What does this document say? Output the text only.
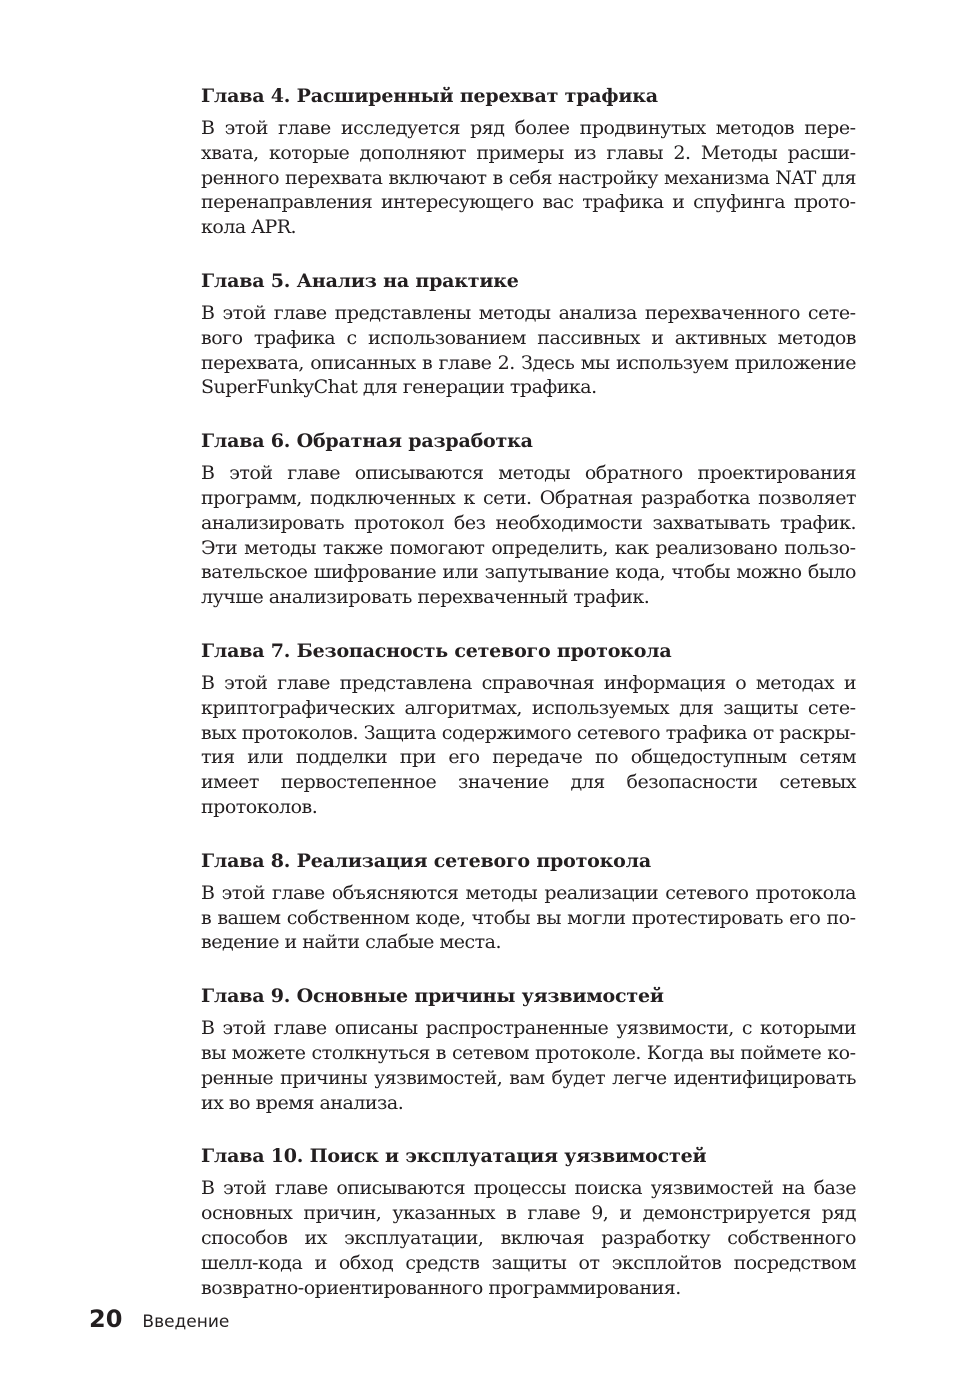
Глава 4. Расширенный перехват трафика

В этой главе исследуется ряд более продвинутых методов перехвата, которые дополняют примеры из главы 2. Методы расширенного перехвата включают в себя настройку механизма NAT для перенаправления интересующего вас трафика и спуфинга протокола APR.

Глава 5. Анализ на практике

В этой главе представлены методы анализа перехваченного сетевого трафика с использованием пассивных и активных методов перехвата, описанных в главе 2. Здесь мы используем приложение SuperFunkyChat для генерации трафика.

Глава 6. Обратная разработка

В этой главе описываются методы обратного проектирования программ, подключенных к сети. Обратная разработка позволяет анализировать протокол без необходимости захватывать трафик. Эти методы также помогают определить, как реализовано пользовательское шифрование или запутывание кода, чтобы можно было лучше анализировать перехваченный трафик.

Глава 7. Безопасность сетевого протокола

В этой главе представлена справочная информация о методах и криптографических алгоритмах, используемых для защиты сетевых протоколов. Защита содержимого сетевого трафика от раскрытия или подделки при его передаче по общедоступным сетям имеет первостепенное значение для безопасности сетевых протоколов.

Глава 8. Реализация сетевого протокола

В этой главе объясняются методы реализации сетевого протокола в вашем собственном коде, чтобы вы могли протестировать его поведение и найти слабые места.

Глава 9. Основные причины уязвимостей

В этой главе описаны распространенные уязвимости, с которыми вы можете столкнуться в сетевом протоколе. Когда вы поймете коренные причины уязвимостей, вам будет легче идентифицировать их во время анализа.

Глава 10. Поиск и эксплуатация уязвимостей

В этой главе описываются процессы поиска уязвимостей на базе основных причин, указанных в главе 9, и демонстрируется ряд способов их эксплуатации, включая разработку собственного шелл-кода и обход средств защиты от эксплойтов посредством возвратно-ориентированного программирования.

20 Введение
